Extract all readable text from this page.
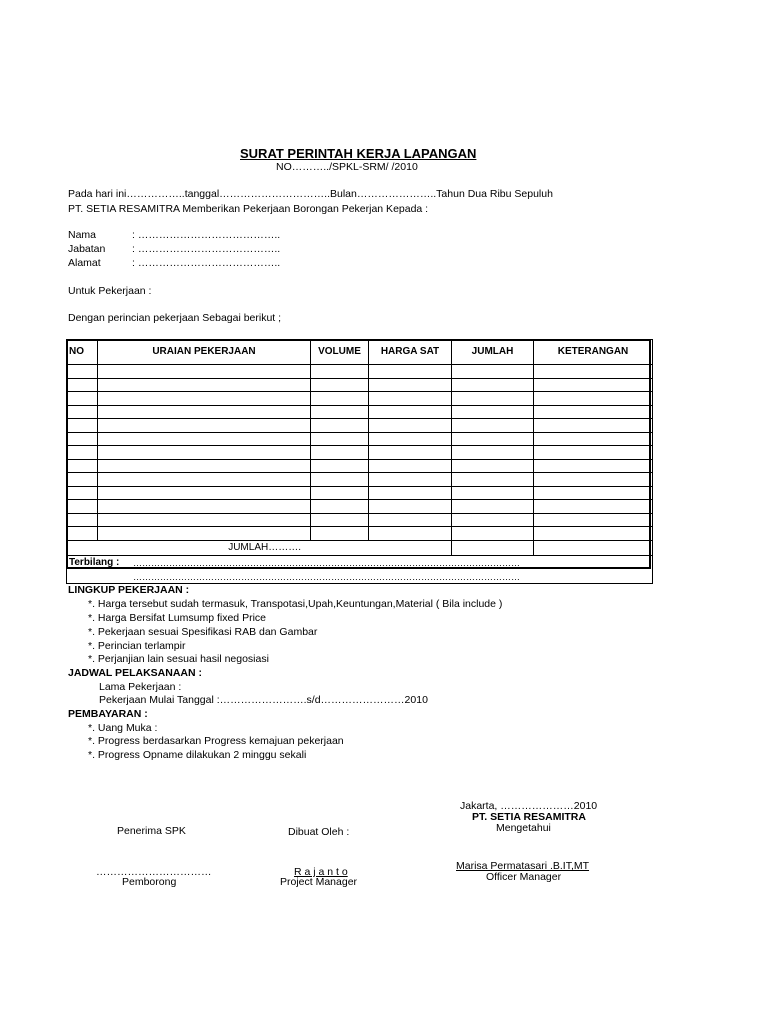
SURAT PERINTAH KERJA LAPANGAN
NO………../SPKL-SRM/ /2010
Pada hari ini……………..tanggal…………………………..Bulan…………………..Tahun Dua Ribu Sepuluh
PT. SETIA RESAMITRA Memberikan Pekerjaan Borongan Pekerjan Kepada :
Nama	: …………………………………..
Jabatan	: …………………………………..
Alamat	: …………………………………..
Untuk Pekerjaan :
Dengan perincian pekerjaan Sebagai berikut ;
NO	URAIAN PEKERJAAN	VOLUME	HARGA SAT	JUMLAH	KETERANGAN

JUMLAH……….					
Terbilang : …………………………………………………………………………………………………………………
…………………………………………………………………………………………………………………					
LINGKUP PEKERJAAN :
*. Harga tersebut sudah termasuk, Transpotasi,Upah,Keuntungan,Material ( Bila include )
*. Harga Bersifat Lumsump fixed Price
*. Pekerjaan sesuai Spesifikasi RAB dan Gambar
*. Perincian terlampir
*. Perjanjian lain sesuai hasil negosiasi
JADWAL PELAKSANAAN :
Lama Pekerjaan :
Pekerjaan Mulai Tanggal :…………………….s/d……………………2010
PEMBAYARAN :
*. Uang Muka :
*. Progress berdasarkan Progress kemajuan pekerjaan
*. Progress Opname dilakukan 2 minggu sekali
Jakarta, …………………2010
PT. SETIA RESAMITRA
Mengetahui
Penerima SPK	Dibuat Oleh :
……………………………
Pemborong
R a j a n t o
Project Manager
Marisa Permatasari .B.IT,MT
Officer Manager
